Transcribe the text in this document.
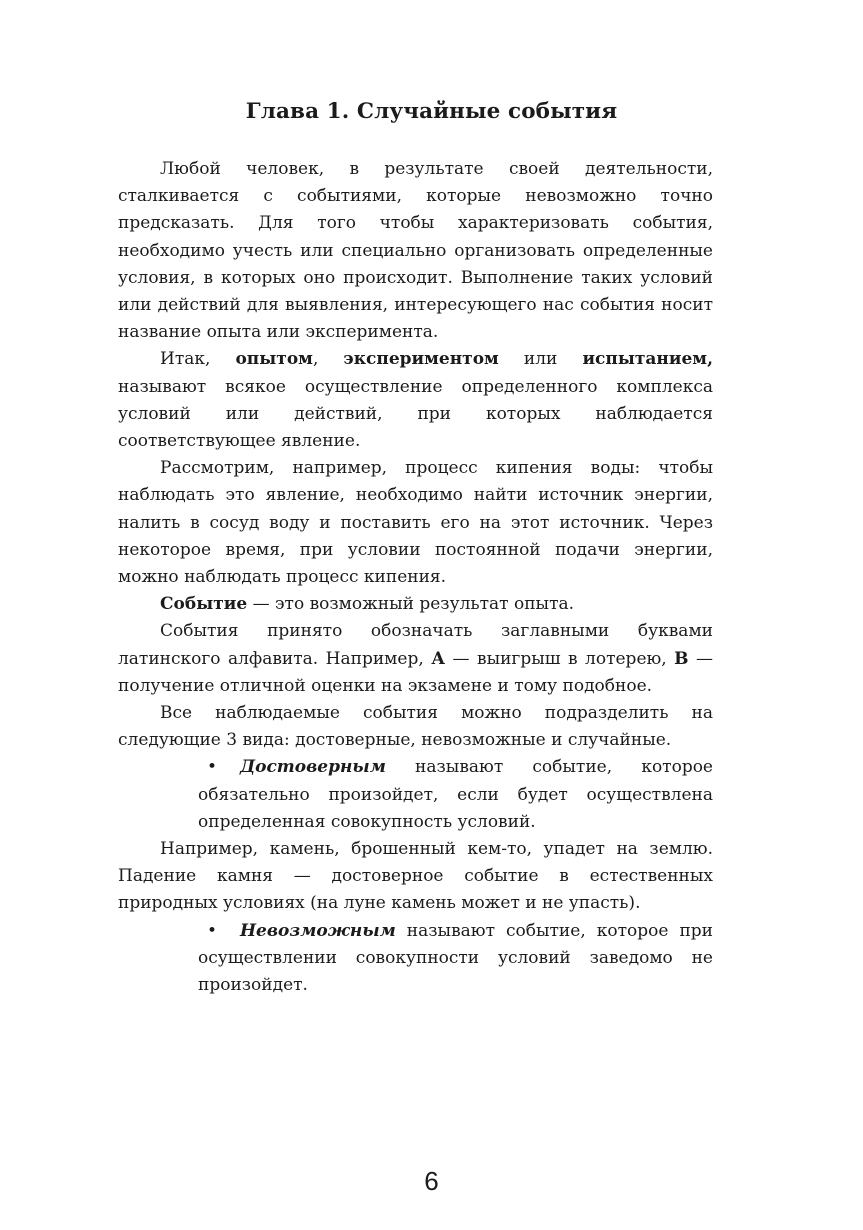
Глава 1. Случайные события

Любой человек, в результате своей деятельности, сталкивается с событиями, которые невозможно точно предсказать. Для того чтобы характеризовать события, необходимо учесть или специально организовать определенные условия, в которых оно происходит. Выполнение таких условий или действий для выявления, интересующего нас события носит название опыта или эксперимента.

Итак, опытом, экспериментом или испытанием, называют всякое осуществление определенного комплекса условий или действий, при которых наблюдается соответствующее явление.

Рассмотрим, например, процесс кипения воды: чтобы наблюдать это явление, необходимо найти источник энергии, налить в сосуд воду и поставить его на этот источник. Через некоторое время, при условии постоянной подачи энергии, можно наблюдать процесс кипения.

Событие — это возможный результат опыта.

События принято обозначать заглавными буквами латинского алфавита. Например, А — выигрыш в лотерею, В — получение отличной оценки на экзамене и тому подобное.

Все наблюдаемые события можно подразделить на следующие 3 вида: достоверные, невозможные и случайные.

• Достоверным называют событие, которое обязательно произойдет, если будет осуществлена определенная совокупность условий.

Например, камень, брошенный кем-то, упадет на землю. Падение камня — достоверное событие в естественных природных условиях (на луне камень может и не упасть).

• Невозможным называют событие, которое при осуществлении совокупности условий заведомо не произойдет.

6
